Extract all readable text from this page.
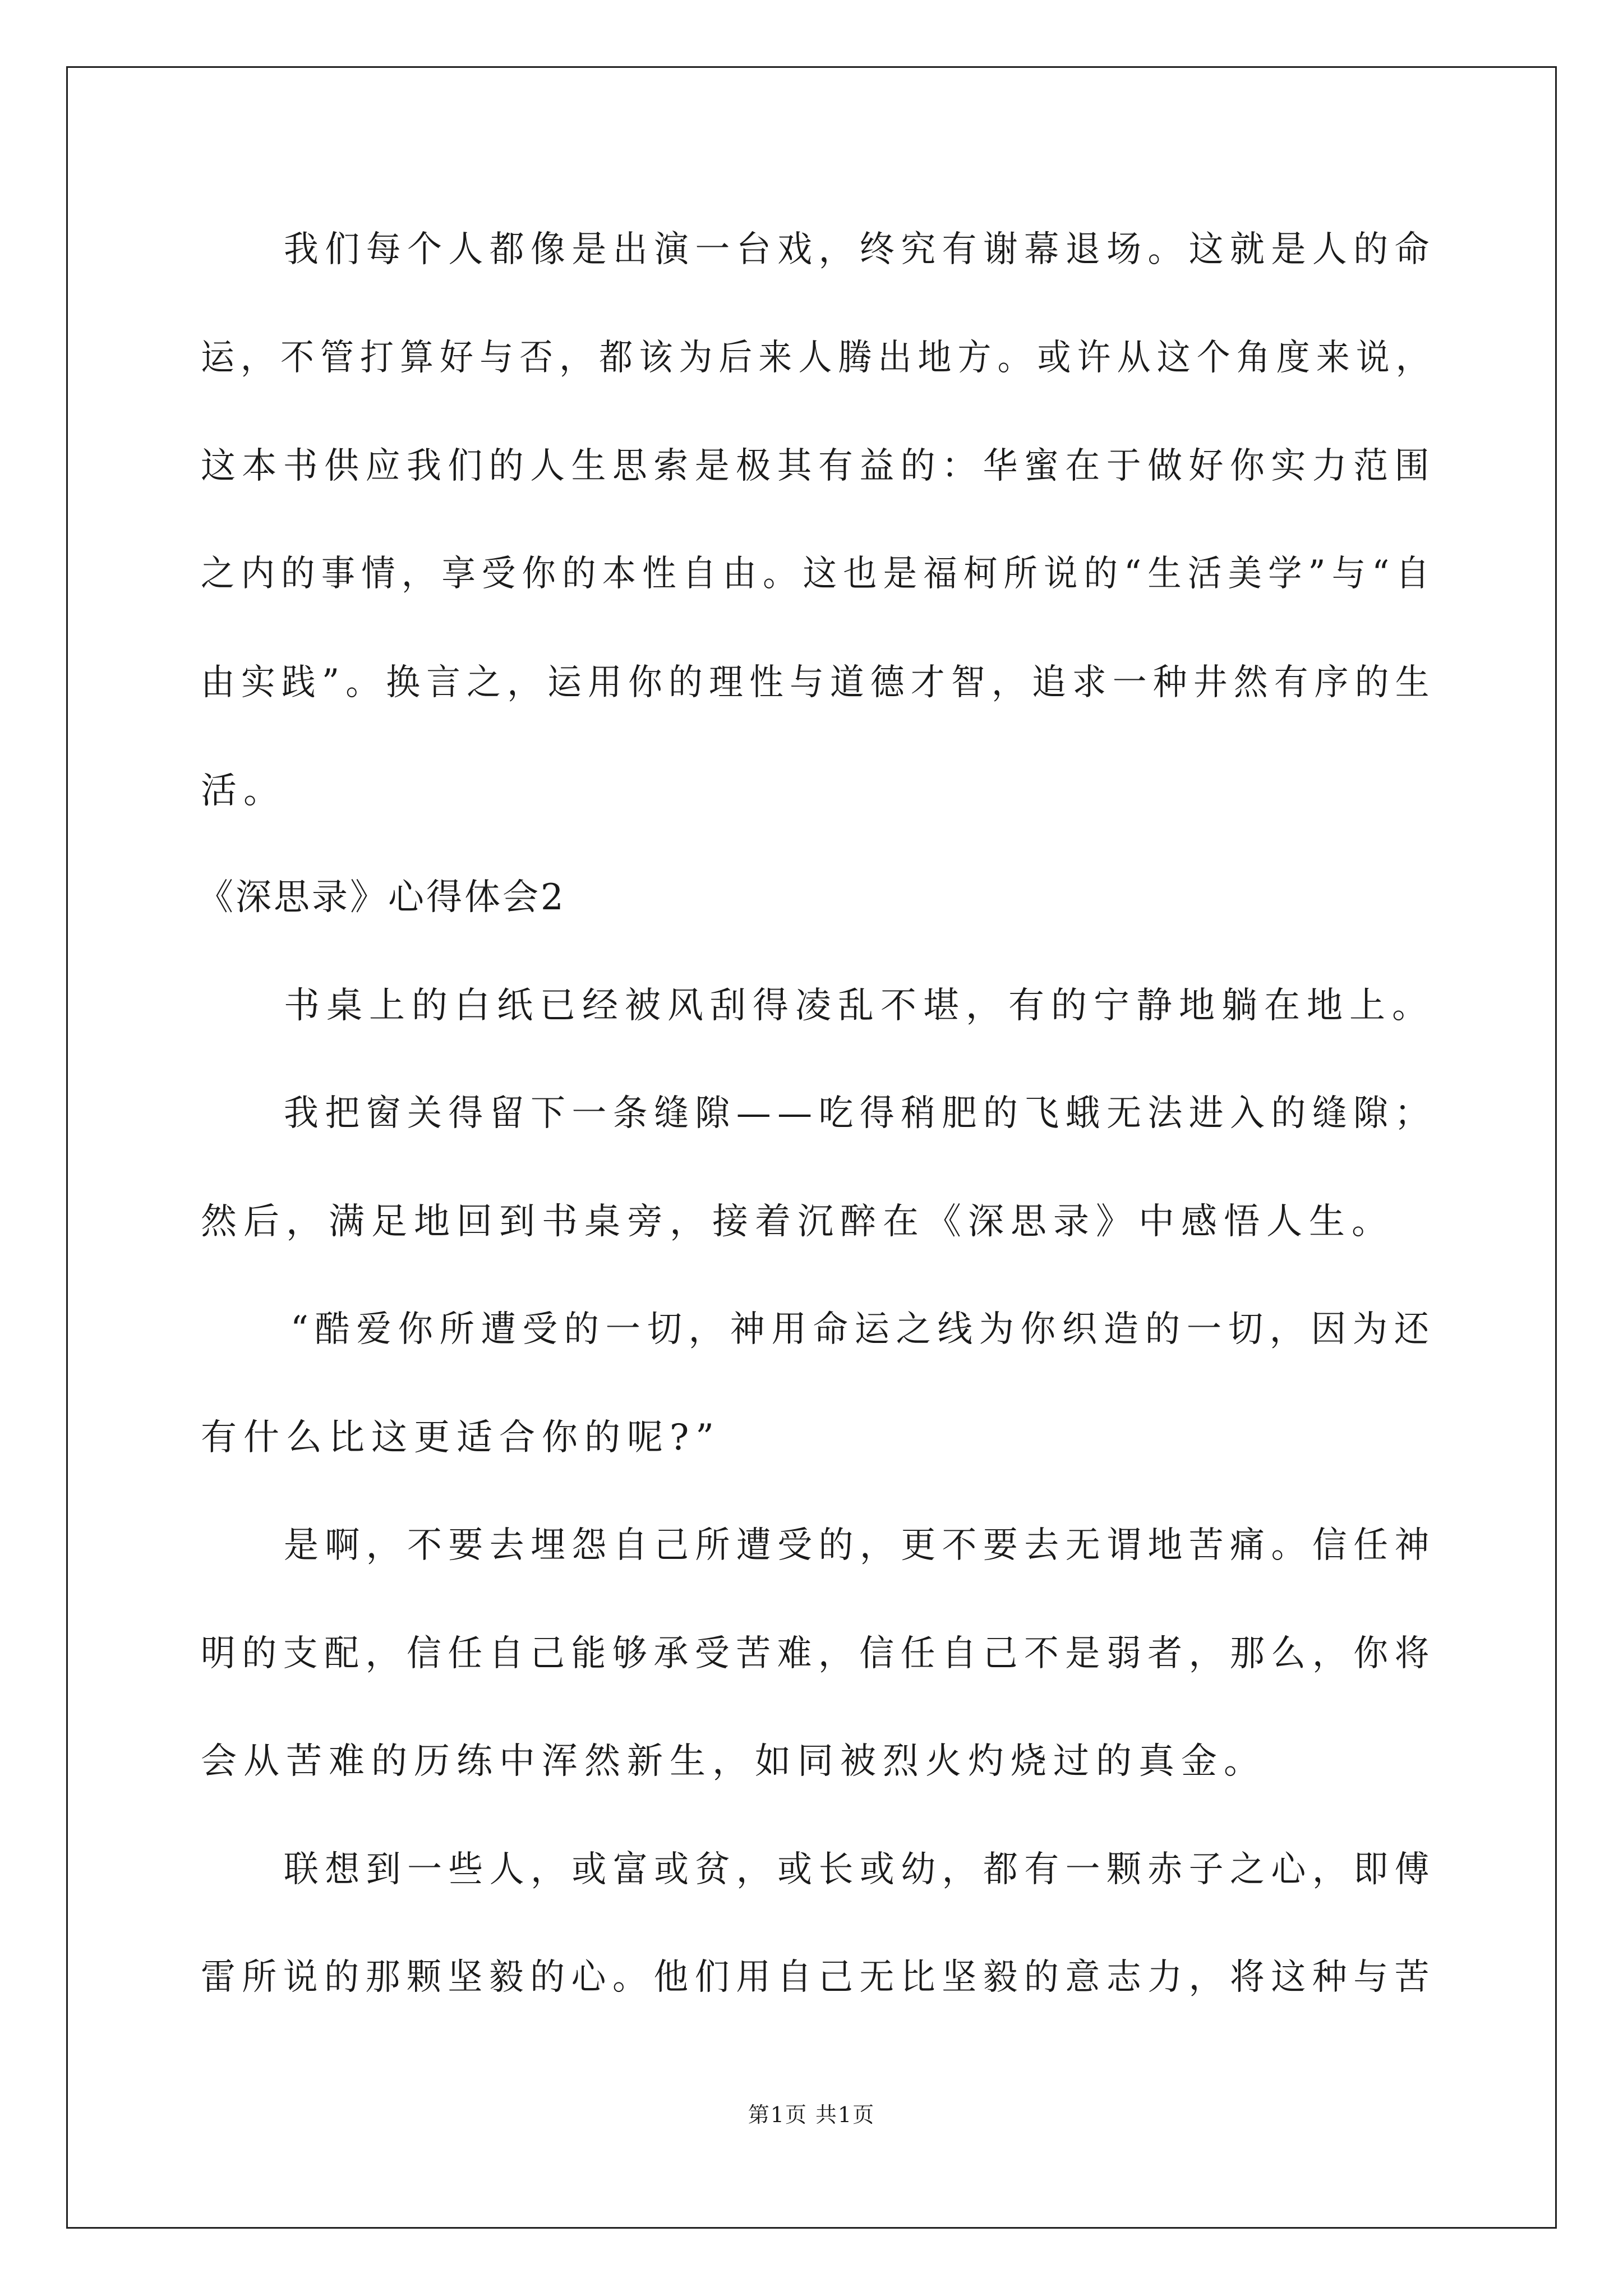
我们每个人都像是出演一台戏，终究有谢幕退场。这就是人的命
运，不管打算好与否，都该为后来人腾出地方。或许从这个角度来说，
这本书供应我们的人生思索是极其有益的：华蜜在于做好你实力范围
之内的事情，享受你的本性自由。这也是福柯所说的“生活美学”与“自
由实践”。换言之，运用你的理性与道德才智，追求一种井然有序的生
活。
《深思录》心得体会2
书桌上的白纸已经被风刮得凌乱不堪，有的宁静地躺在地上。
我把窗关得留下一条缝隙——吃得稍肥的飞蛾无法进入的缝隙；
然后，满足地回到书桌旁，接着沉醉在《深思录》中感悟人生。
“酷爱你所遭受的一切，神用命运之线为你织造的一切，因为还
有什么比这更适合你的呢?”
是啊，不要去埋怨自己所遭受的，更不要去无谓地苦痛。信任神
明的支配，信任自己能够承受苦难，信任自己不是弱者，那么，你将
会从苦难的历练中浑然新生，如同被烈火灼烧过的真金。
联想到一些人，或富或贫，或长或幼，都有一颗赤子之心，即傅
雷所说的那颗坚毅的心。他们用自己无比坚毅的意志力，将这种与苦
第1页 共1页
